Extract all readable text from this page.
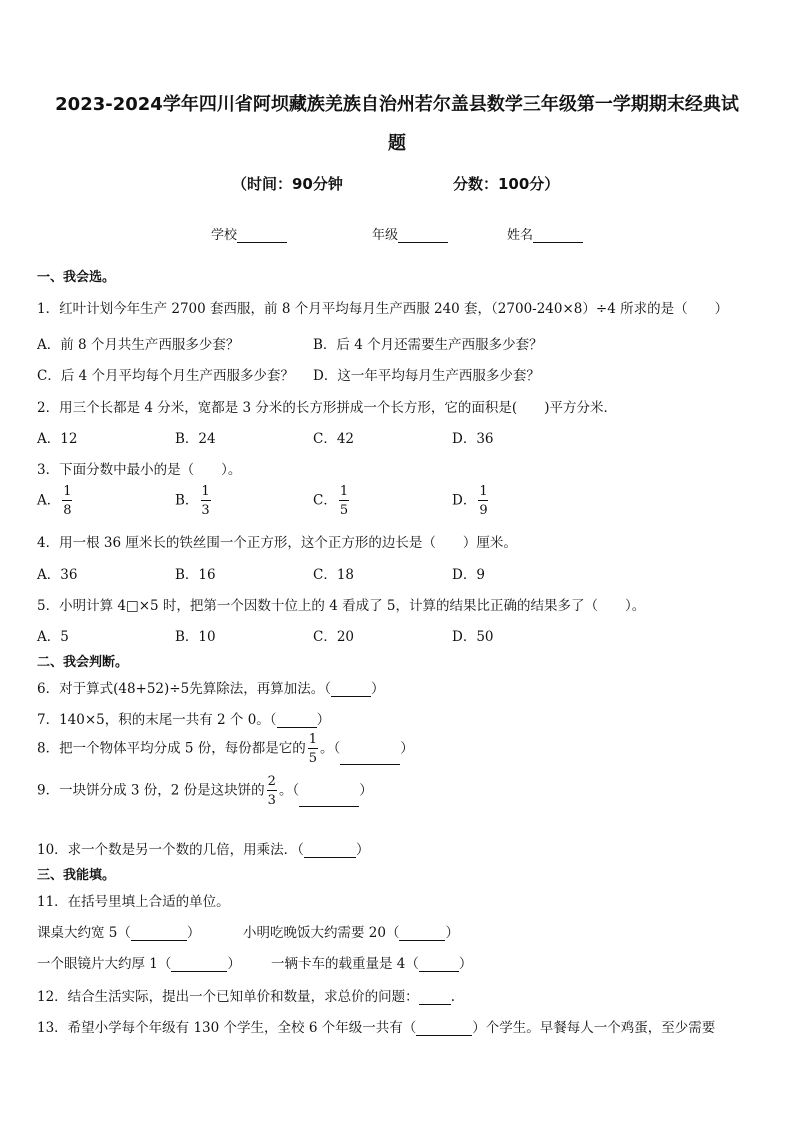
2023-2024学年四川省阿坝藏族羌族自治州若尔盖县数学三年级第一学期期末经典试
题
（时间：90分钟	分数：100分）
学校	年级	姓名
一、我会选。
1．红叶计划今年生产 2700 套西服，前 8 个月平均每月生产西服 240 套，（2700-240×8）÷4 所求的是（　　）
A．前 8 个月共生产西服多少套？	B．后 4 个月还需要生产西服多少套？
C．后 4 个月平均每个月生产西服多少套？ D．这一年平均每月生产西服多少套？
2．用三个长都是 4 分米，宽都是 3 分米的长方形拼成一个长方形，它的面积是(　　)平方分米．
A．12	B．24	C．42	D．36
3．下面分数中最小的是（　　）。
A． $\frac{1}{8}$	B． $\frac{1}{3}$	C． $\frac{1}{5}$	D． $\frac{1}{9}$
4．用一根 36 厘米长的铁丝围一个正方形，这个正方形的边长是（　　）厘米。
A．36	B．16	C．18	D．9
5．小明计算 4□×5 时，把第一个因数十位上的 4 看成了 5，计算的结果比正确的结果多了（　　）。
A．5	B．10	C．20	D．50
二、我会判断。
6．对于算式(48+52)÷5先算除法，再算加法。（	）
7．140×5，积的末尾一共有 2 个 0。（	）
8．把一个物体平均分成 5 份，每份都是它的 $\frac{1}{5}$ 。（	）
9．一块饼分成 3 份，2 份是这块饼的 $\frac{2}{3}$ 。（	）
10．求一个数是另一个数的几倍，用乘法．（	）
三、我能填。
11．在括号里填上合适的单位。
课桌大约宽 5（	）	小明吃晚饭大约需要 20（	）
一个眼镜片大约厚 1（	） 一辆卡车的载重量是 4（	）
12．结合生活实际，提出一个已知单价和数量，求总价的问题： .
13．希望小学每个年级有 130 个学生，全校 6 个年级一共有（	）个学生。早餐每人一个鸡蛋，至少需要
